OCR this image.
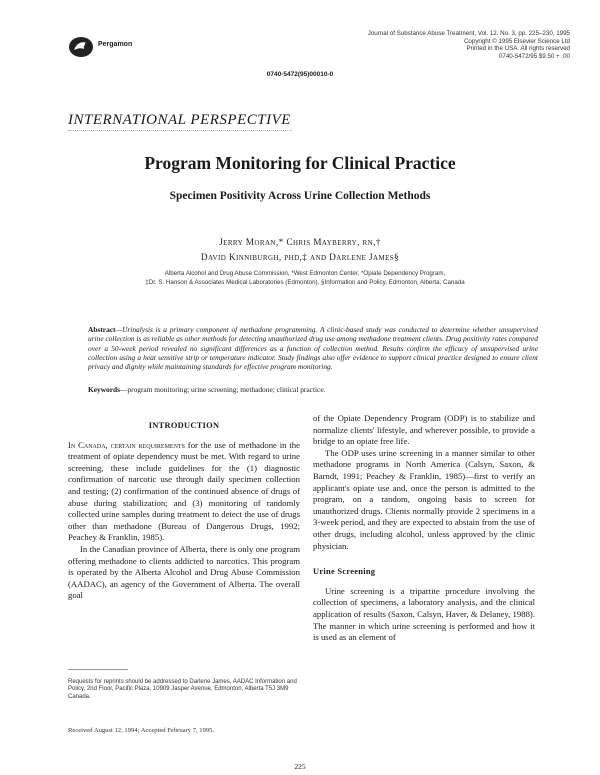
Pergamon
Journal of Substance Abuse Treatment, Vol. 12, No. 3, pp. 225–230, 1995
Copyright © 1995 Elsevier Science Ltd
Printed in the USA. All rights reserved
0740-5472/95 $9.50 + .00
0740-5472(95)00010-0
INTERNATIONAL PERSPECTIVE
Program Monitoring for Clinical Practice
Specimen Positivity Across Urine Collection Methods
Jerry Moran,* Chris Mayberry, rn,†
David Kinniburgh, phd,‡ and Darlene James§
Alberta Alcohol and Drug Abuse Commission, *West Edmonton Center, *Opiate Dependency Program,
‡Dr. S. Hanson & Associates Medical Laboratories (Edmonton), §Information and Policy, Edmonton, Alberta, Canada
Abstract—Urinalysis is a primary component of methadone programming. A clinic-based study was conducted to determine whether unsupervised urine collection is as reliable as other methods for detecting unauthorized drug use among methadone treatment clients. Drug positivity rates compared over a 50-week period revealed no significant differences as a function of collection method. Results confirm the efficacy of unsupervised urine collection using a heat sensitive strip or temperature indicator. Study findings also offer evidence to support clinical practice designed to ensure client privacy and dignity while maintaining standards for effective program monitoring.
Keywords—program monitoring; urine screening; methadone; clinical practice.
INTRODUCTION

In Canada, certain requirements for the use of methadone in the treatment of opiate dependency must be met. With regard to urine screening, these include guidelines for the (1) diagnostic confirmation of narcotic use through daily specimen collection and testing; (2) confirmation of the continued absence of drugs of abuse during stabilization; and (3) monitoring of randomly collected urine samples during treatment to detect the use of drugs other than methadone (Bureau of Dangerous Drugs, 1992; Peachey & Franklin, 1985).

In the Canadian province of Alberta, there is only one program offering methadone to clients addicted to narcotics. This program is operated by the Alberta Alcohol and Drug Abuse Commission (AADAC), an agency of the Government of Alberta. The overall goal

of the Opiate Dependency Program (ODP) is to stabilize and normalize clients' lifestyle, and wherever possible, to provide a bridge to an opiate free life.

The ODP uses urine screening in a manner similar to other methadone programs in North America (Calsyn, Saxon, & Barndt, 1991; Peachey & Franklin, 1985)—first to verify an applicant's opiate use and, once the person is admitted to the program, on a random, ongoing basis to screen for unauthorized drugs. Clients normally provide 2 specimens in a 3-week period, and they are expected to abstain from the use of other drugs, including alcohol, unless approved by the clinic physician.

Urine Screening

Urine screening is a tripartite procedure involving the collection of specimens, a laboratory analysis, and the clinical application of results (Saxon, Calsyn, Haver, & Delaney, 1988). The manner in which urine screening is performed and how it is used as an element of

Requests for reprints should be addressed to Darlene James, AADAC Information and Policy, 2nd Floor, Pacific Plaza, 10909 Jasper Avenue, Edmonton, Alberta T5J 3M9 Canada.
Received August 12, 1994; Accepted February 7, 1995.
225
